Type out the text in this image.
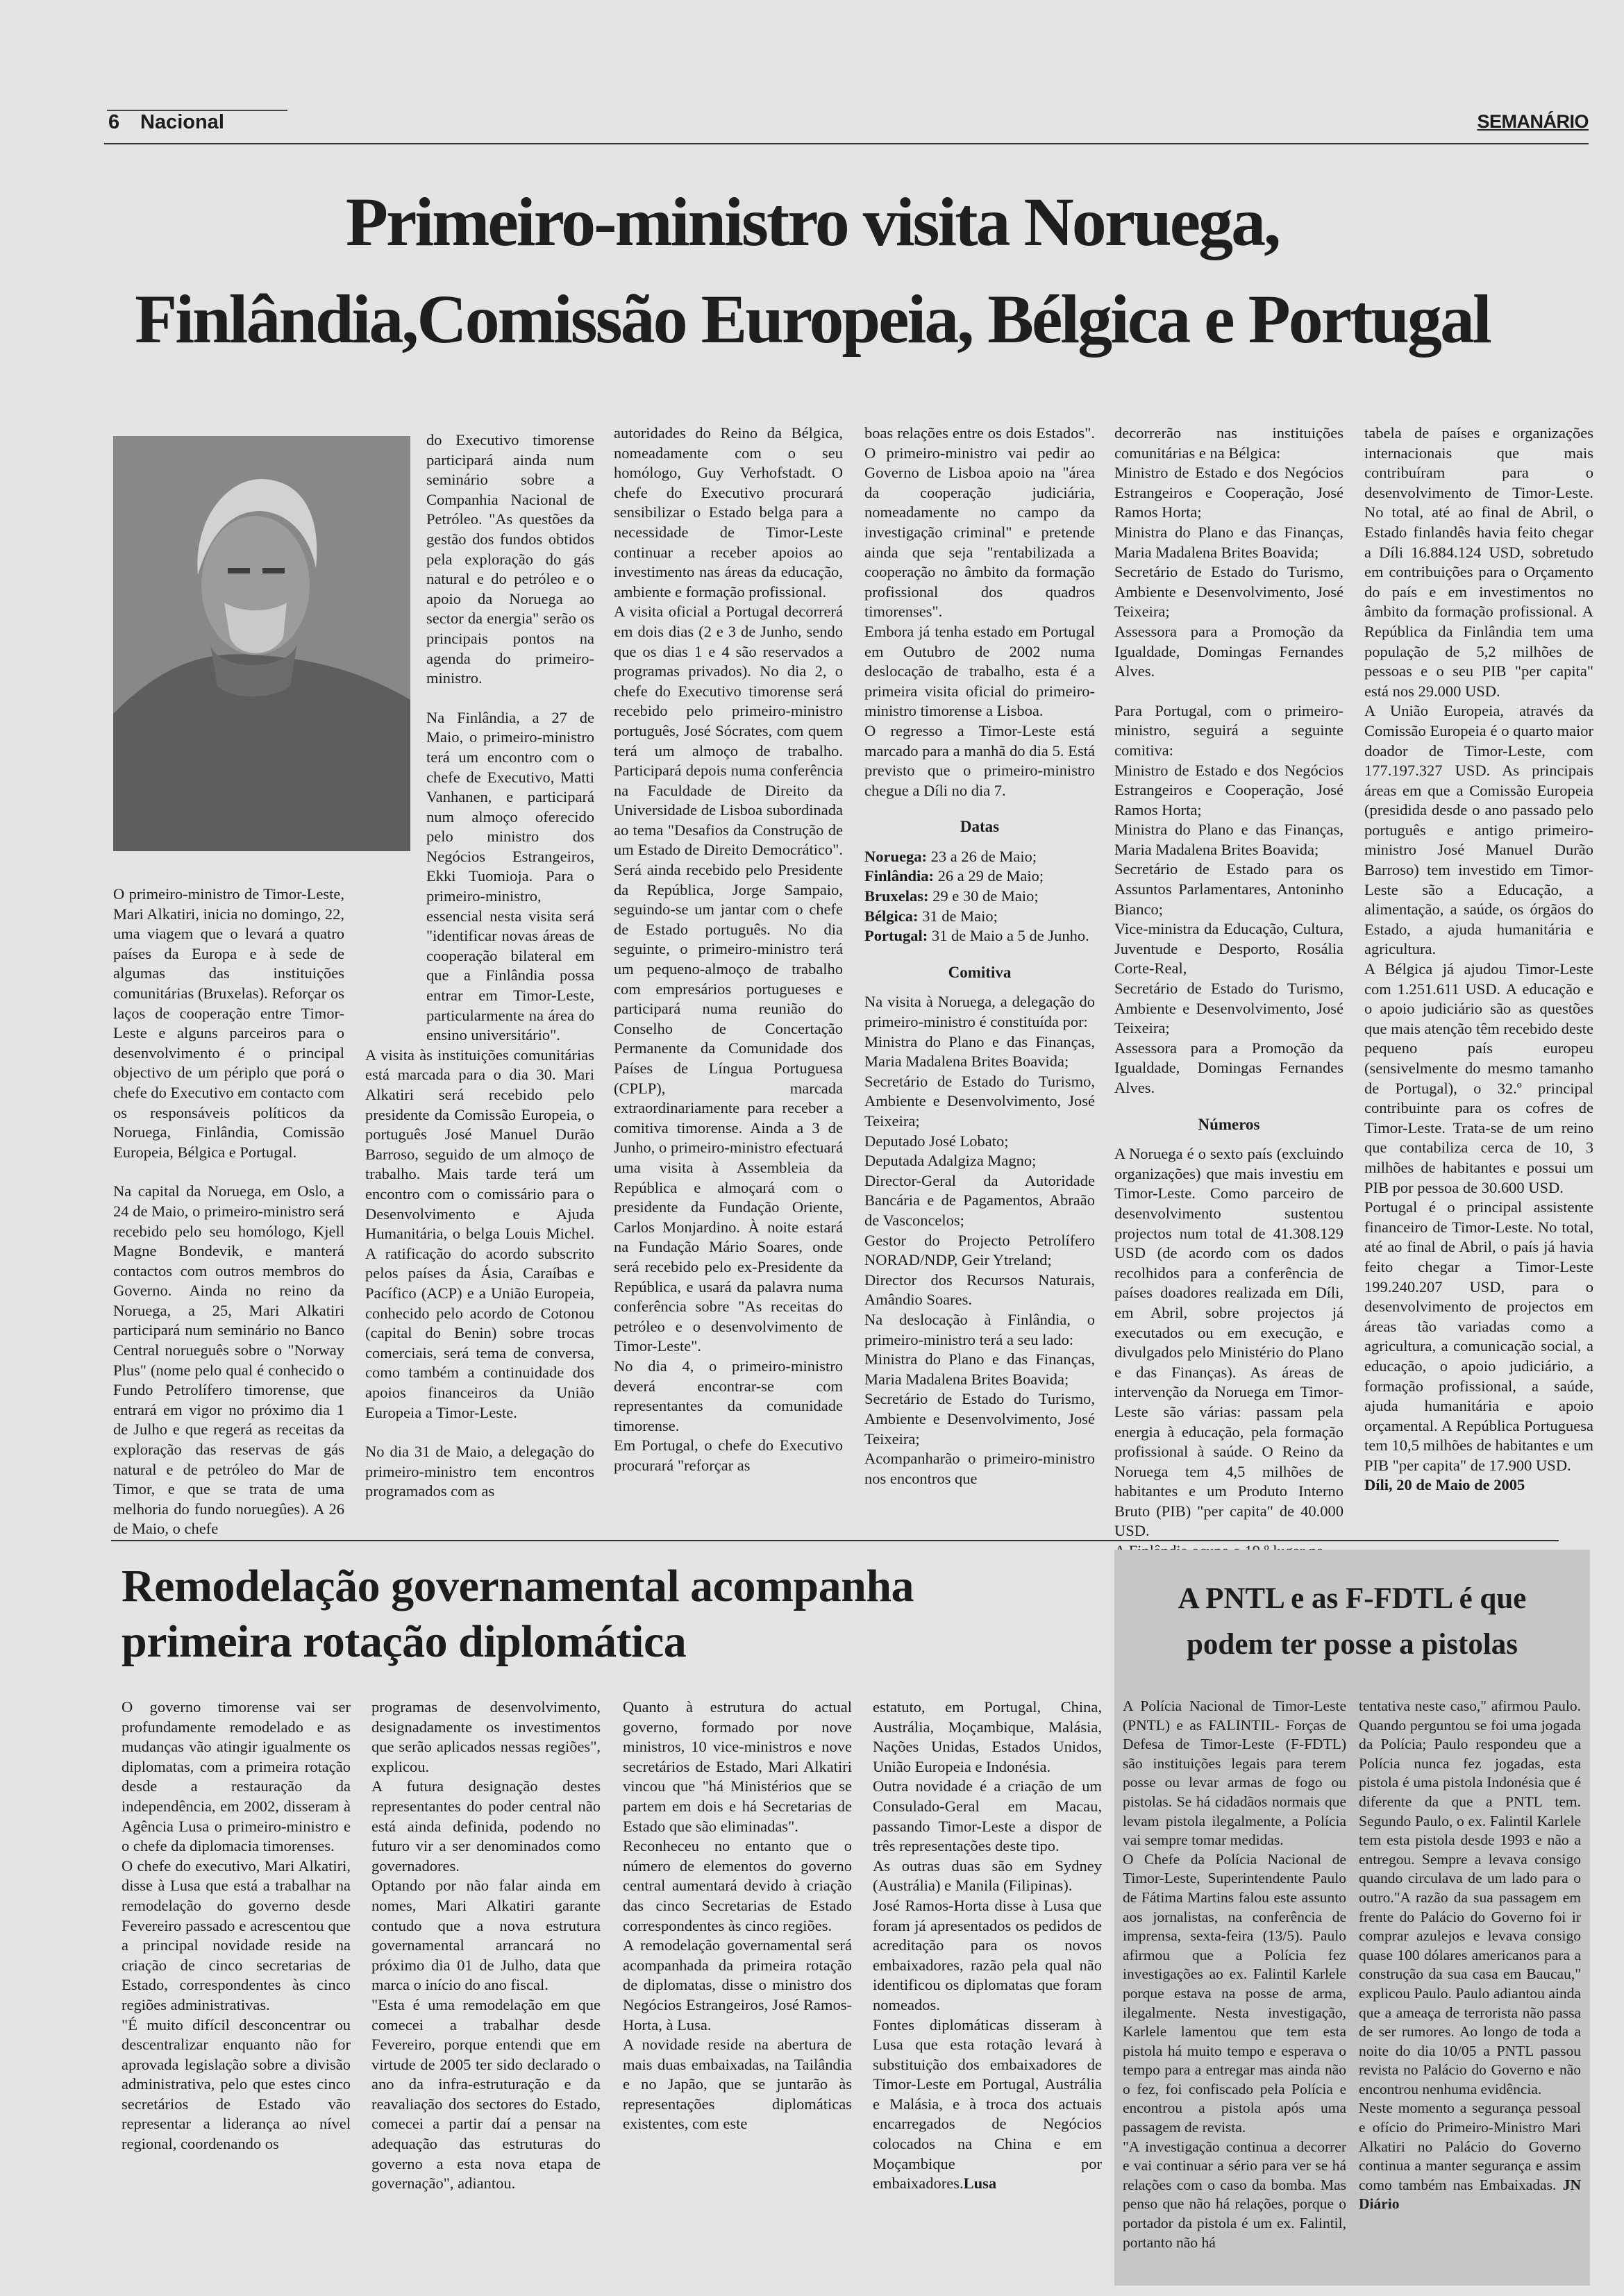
6 Nacional	SEMANÁRIO
Primeiro-ministro visita Noruega,
Finlândia,Comissão Europeia, Bélgica e Portugal

O primeiro-ministro de Timor-Leste, Mari Alkatiri, inicia no domingo, 22, uma viagem que o levará a quatro países da Europa e à sede de algumas das instituições comunitárias (Bruxelas). Reforçar os laços de cooperação entre Timor-Leste e alguns parceiros para o desenvolvimento é o principal objectivo de um périplo que porá o chefe do Executivo em contacto com os responsáveis políticos da Noruega, Finlândia, Comissão Europeia, Bélgica e Portugal.

Na capital da Noruega, em Oslo, a 24 de Maio, o primeiro-ministro será recebido pelo seu homólogo, Kjell Magne Bondevik, e manterá contactos com outros membros do Governo. Ainda no reino da Noruega, a 25, Mari Alkatiri participará num seminário no Banco Central norueguês sobre o "Norway Plus" (nome pelo qual é conhecido o Fundo Petrolífero timorense, que entrará em vigor no próximo dia 1 de Julho e que regerá as receitas da exploração das reservas de gás natural e de petróleo do Mar de Timor, e que se trata de uma melhoria do fundo noruegûes). A 26 de Maio, o chefe

do Executivo timorense participará ainda num seminário sobre a Companhia Nacional de Petróleo. "As questões da gestão dos fundos obtidos pela exploração do gás natural e do petróleo e o apoio da Noruega ao sector da energia" serão os principais pontos na agenda do primeiro-ministro.

Na Finlândia, a 27 de Maio, o primeiro-ministro terá um encontro com o chefe de Executivo, Matti Vanhanen, e participará num almoço oferecido pelo ministro dos Negócios Estrangeiros, Ekki Tuomioja. Para o primeiro-ministro, essencial nesta visita será "identificar novas áreas de cooperação bilateral em que a Finlândia possa entrar em Timor-Leste, particularmente na área do ensino universitário".

A visita às instituições comunitárias está marcada para o dia 30. Mari Alkatiri será recebido pelo presidente da Comissão Europeia, o português José Manuel Durão Barroso, seguido de um almoço de trabalho. Mais tarde terá um encontro com o comissário para o Desenvolvimento e Ajuda Humanitária, o belga Louis Michel. A ratificação do acordo subscrito pelos países da Ásia, Caraíbas e Pacífico (ACP) e a União Europeia, conhecido pelo acordo de Cotonou (capital do Benin) sobre trocas comerciais, será tema de conversa, como também a continuidade dos apoios financeiros da União Europeia a Timor-Leste.

No dia 31 de Maio, a delegação do primeiro-ministro tem encontros programados com as

autoridades do Reino da Bélgica, nomeadamente com o seu homólogo, Guy Verhofstadt. O chefe do Executivo procurará sensibilizar o Estado belga para a necessidade de Timor-Leste continuar a receber apoios ao investimento nas áreas da educação, ambiente e formação profissional.

A visita oficial a Portugal decorrerá em dois dias (2 e 3 de Junho, sendo que os dias 1 e 4 são reservados a programas privados). No dia 2, o chefe do Executivo timorense será recebido pelo primeiro-ministro português, José Sócrates, com quem terá um almoço de trabalho. Participará depois numa conferência na Faculdade de Direito da Universidade de Lisboa subordinada ao tema "Desafios da Construção de um Estado de Direito Democrático". Será ainda recebido pelo Presidente da República, Jorge Sampaio, seguindo-se um jantar com o chefe de Estado português. No dia seguinte, o primeiro-ministro terá um pequeno-almoço de trabalho com empresários portugueses e participará numa reunião do Conselho de Concertação Permanente da Comunidade dos Países de Língua Portuguesa (CPLP), marcada extraordinariamente para receber a comitiva timorense. Ainda a 3 de Junho, o primeiro-ministro efectuará uma visita à Assembleia da República e almoçará com o presidente da Fundação Oriente, Carlos Monjardino. À noite estará na Fundação Mário Soares, onde será recebido pelo ex-Presidente da República, e usará da palavra numa conferência sobre "As receitas do petróleo e o desenvolvimento de Timor-Leste".

No dia 4, o primeiro-ministro deverá encontrar-se com representantes da comunidade timorense.

Em Portugal, o chefe do Executivo procurará "reforçar as

boas relações entre os dois Estados". O primeiro-ministro vai pedir ao Governo de Lisboa apoio na "área da cooperação judiciária, nomeadamente no campo da investigação criminal" e pretende ainda que seja "rentabilizada a cooperação no âmbito da formação profissional dos quadros timorenses".

Embora já tenha estado em Portugal em Outubro de 2002 numa deslocação de trabalho, esta é a primeira visita oficial do primeiro-ministro timorense a Lisboa.

O regresso a Timor-Leste está marcado para a manhã do dia 5. Está previsto que o primeiro-ministro chegue a Díli no dia 7.

Datas
Noruega: 23 a 26 de Maio;
Finlândia: 26 a 29 de Maio;
Bruxelas: 29 e 30 de Maio;
Bélgica: 31 de Maio;
Portugal: 31 de Maio a 5 de Junho.
Comitiva

Na visita à Noruega, a delegação do primeiro-ministro é constituída por:

Ministra do Plano e das Finanças, Maria Madalena Brites Boavida;

Secretário de Estado do Turismo, Ambiente e Desenvolvimento, José Teixeira;

Deputado José Lobato;

Deputada Adalgiza Magno;

Director-Geral da Autoridade Bancária e de Pagamentos, Abraão de Vasconcelos;

Gestor do Projecto Petrolífero NORAD/NDP, Geir Ytreland;

Director dos Recursos Naturais, Amândio Soares.

Na deslocação à Finlândia, o primeiro-ministro terá a seu lado:

Ministra do Plano e das Finanças, Maria Madalena Brites Boavida;

Secretário de Estado do Turismo, Ambiente e Desenvolvimento, José Teixeira;

Acompanharão o primeiro-ministro nos encontros que

decorrerão nas instituições comunitárias e na Bélgica:

Ministro de Estado e dos Negócios Estrangeiros e Cooperação, José Ramos Horta;

Ministra do Plano e das Finanças, Maria Madalena Brites Boavida;

Secretário de Estado do Turismo, Ambiente e Desenvolvimento, José Teixeira;

Assessora para a Promoção da Igualdade, Domingas Fernandes Alves.

Para Portugal, com o primeiro-ministro, seguirá a seguinte comitiva:

Ministro de Estado e dos Negócios Estrangeiros e Cooperação, José Ramos Horta;

Ministra do Plano e das Finanças, Maria Madalena Brites Boavida;

Secretário de Estado para os Assuntos Parlamentares, Antoninho Bianco;

Vice-ministra da Educação, Cultura, Juventude e Desporto, Rosália Corte-Real,

Secretário de Estado do Turismo, Ambiente e Desenvolvimento, José Teixeira;

Assessora para a Promoção da Igualdade, Domingas Fernandes Alves.

Números

A Noruega é o sexto país (excluindo organizações) que mais investiu em Timor-Leste. Como parceiro de desenvolvimento sustentou projectos num total de 41.308.129 USD (de acordo com os dados recolhidos para a conferência de países doadores realizada em Díli, em Abril, sobre projectos já executados ou em execução, e divulgados pelo Ministério do Plano e das Finanças). As áreas de intervenção da Noruega em Timor-Leste são várias: passam pela energia à educação, pela formação profissional à saúde. O Reino da Noruega tem 4,5 milhões de habitantes e um Produto Interno Bruto (PIB) "per capita" de 40.000 USD.

tabela de países e organizações internacionais que mais contribuíram para o desenvolvimento de Timor-Leste. No total, até ao final de Abril, o Estado finlandês havia feito chegar a Díli 16.884.124 USD, sobretudo em contribuições para o Orçamento do país e em investimentos no âmbito da formação profissional. A República da Finlândia tem uma população de 5,2 milhões de pessoas e o seu PIB "per capita" está nos 29.000 USD.

A União Europeia, através da Comissão Europeia é o quarto maior doador de Timor-Leste, com 177.197.327 USD. As principais áreas em que a Comissão Europeia (presidida desde o ano passado pelo português e antigo primeiro-ministro José Manuel Durão Barroso) tem investido em Timor-Leste são a Educação, a alimentação, a saúde, os órgãos do Estado, a ajuda humanitária e agricultura.

A Bélgica já ajudou Timor-Leste com 1.251.611 USD. A educação e o apoio judiciário são as questões que mais atenção têm recebido deste pequeno país europeu (sensivelmente do mesmo tamanho de Portugal), o 32.º principal contribuinte para os cofres de Timor-Leste. Trata-se de um reino que contabiliza cerca de 10, 3 milhões de habitantes e possui um PIB por pessoa de 30.600 USD.

Portugal é o principal assistente financeiro de Timor-Leste. No total, até ao final de Abril, o país já havia feito chegar a Timor-Leste 199.240.207 USD, para o desenvolvimento de projectos em áreas tão variadas como a agricultura, a comunicação social, a educação, o apoio judiciário, a formação profissional, a saúde, ajuda humanitária e apoio orçamental. A República Portuguesa tem 10,5 milhões de habitantes e um PIB "per capita" de 17.900 USD.

Díli, 20 de Maio de 2005

Remodelação governamental acompanha
primeira rotação diplomática

O governo timorense vai ser profundamente remodelado e as mudanças vão atingir igualmente os diplomatas, com a primeira rotação desde a restauração da independência, em 2002, disseram à Agência Lusa o primeiro-ministro e o chefe da diplomacia timorenses.

O chefe do executivo, Mari Alkatiri, disse à Lusa que está a trabalhar na remodelação do governo desde Fevereiro passado e acrescentou que a principal novidade reside na criação de cinco secretarias de Estado, correspondentes às cinco regiões administrativas.

"É muito difícil desconcentrar ou descentralizar enquanto não for aprovada legislação sobre a divisão administrativa, pelo que estes cinco secretários de Estado vão representar a liderança ao nível regional, coordenando os

programas de desenvolvimento, designadamente os investimentos que serão aplicados nessas regiões", explicou.

A futura designação destes representantes do poder central não está ainda definida, podendo no futuro vir a ser denominados como governadores.

Optando por não falar ainda em nomes, Mari Alkatiri garante contudo que a nova estrutura governamental arrancará no próximo dia 01 de Julho, data que marca o início do ano fiscal.

"Esta é uma remodelação em que comecei a trabalhar desde Fevereiro, porque entendi que em virtude de 2005 ter sido declarado o ano da infra-estruturação e da reavaliação dos sectores do Estado, comecei a partir daí a pensar na adequação das estruturas do governo a esta nova etapa de governação", adiantou.

Quanto à estrutura do actual governo, formado por nove ministros, 10 vice-ministros e nove secretários de Estado, Mari Alkatiri vincou que "há Ministérios que se partem em dois e há Secretarias de Estado que são eliminadas".

Reconheceu no entanto que o número de elementos do governo central aumentará devido à criação das cinco Secretarias de Estado correspondentes às cinco regiões.

A remodelação governamental será acompanhada da primeira rotação de diplomatas, disse o ministro dos Negócios Estrangeiros, José Ramos-Horta, à Lusa.

A novidade reside na abertura de mais duas embaixadas, na Tailândia e no Japão, que se juntarão às representações diplomáticas existentes, com este

estatuto, em Portugal, China, Austrália, Moçambique, Malásia, Nações Unidas, Estados Unidos, União Europeia e Indonésia.

Outra novidade é a criação de um Consulado-Geral em Macau, passando Timor-Leste a dispor de três representações deste tipo.

As outras duas são em Sydney (Austrália) e Manila (Filipinas).

José Ramos-Horta disse à Lusa que foram já apresentados os pedidos de acreditação para os novos embaixadores, razão pela qual não identificou os diplomatas que foram nomeados.

Fontes diplomáticas disseram à Lusa que esta rotação levará à substituição dos embaixadores de Timor-Leste em Portugal, Austrália e Malásia, e à troca dos actuais encarregados de Negócios colocados na China e em Moçambique por embaixadores.Lusa

A PNTL e as F-FDTL é que
podem ter posse a pistolas

A Polícia Nacional de Timor-Leste (PNTL) e as FALINTIL- Forças de Defesa de Timor-Leste (F-FDTL) são instituições legais para terem posse ou levar armas de fogo ou pistolas. Se há cidadãos normais que levam pistola ilegalmente, a Polícia vai sempre tomar medidas.

O Chefe da Polícia Nacional de Timor-Leste, Superintendente Paulo de Fátima Martins falou este assunto aos jornalistas, na conferência de imprensa, sexta-feira (13/5). Paulo afirmou que a Polícia fez investigações ao ex. Falintil Karlele porque estava na posse de arma, ilegalmente. Nesta investigação, Karlele lamentou que tem esta pistola há muito tempo e esperava o tempo para a entregar mas ainda não o fez, foi confiscado pela Polícia e encontrou a pistola após uma passagem de revista.

"A investigação continua a decorrer e vai continuar a sério para ver se há relações com o caso da bomba. Mas penso que não há relações, porque o portador da pistola é um ex. Falintil, portanto não há

tentativa neste caso," afirmou Paulo. Quando perguntou se foi uma jogada da Polícia; Paulo respondeu que a Polícia nunca fez jogadas, esta pistola é uma pistola Indonésia que é diferente da que a PNTL tem. Segundo Paulo, o ex. Falintil Karlele tem esta pistola desde 1993 e não a entregou. Sempre a levava consigo quando circulava de um lado para o outro."A razão da sua passagem em frente do Palácio do Governo foi ir comprar azulejos e levava consigo quase 100 dólares americanos para a construção da sua casa em Baucau," explicou Paulo. Paulo adiantou ainda que a ameaça de terrorista não passa de ser rumores. Ao longo de toda a noite do dia 10/05 a PNTL passou revista no Palácio do Governo e não encontrou nenhuma evidência.

Neste momento a segurança pessoal e ofício do Primeiro-Ministro Mari Alkatiri no Palácio do Governo continua a manter segurança e assim como também nas Embaixadas. JN Diário
